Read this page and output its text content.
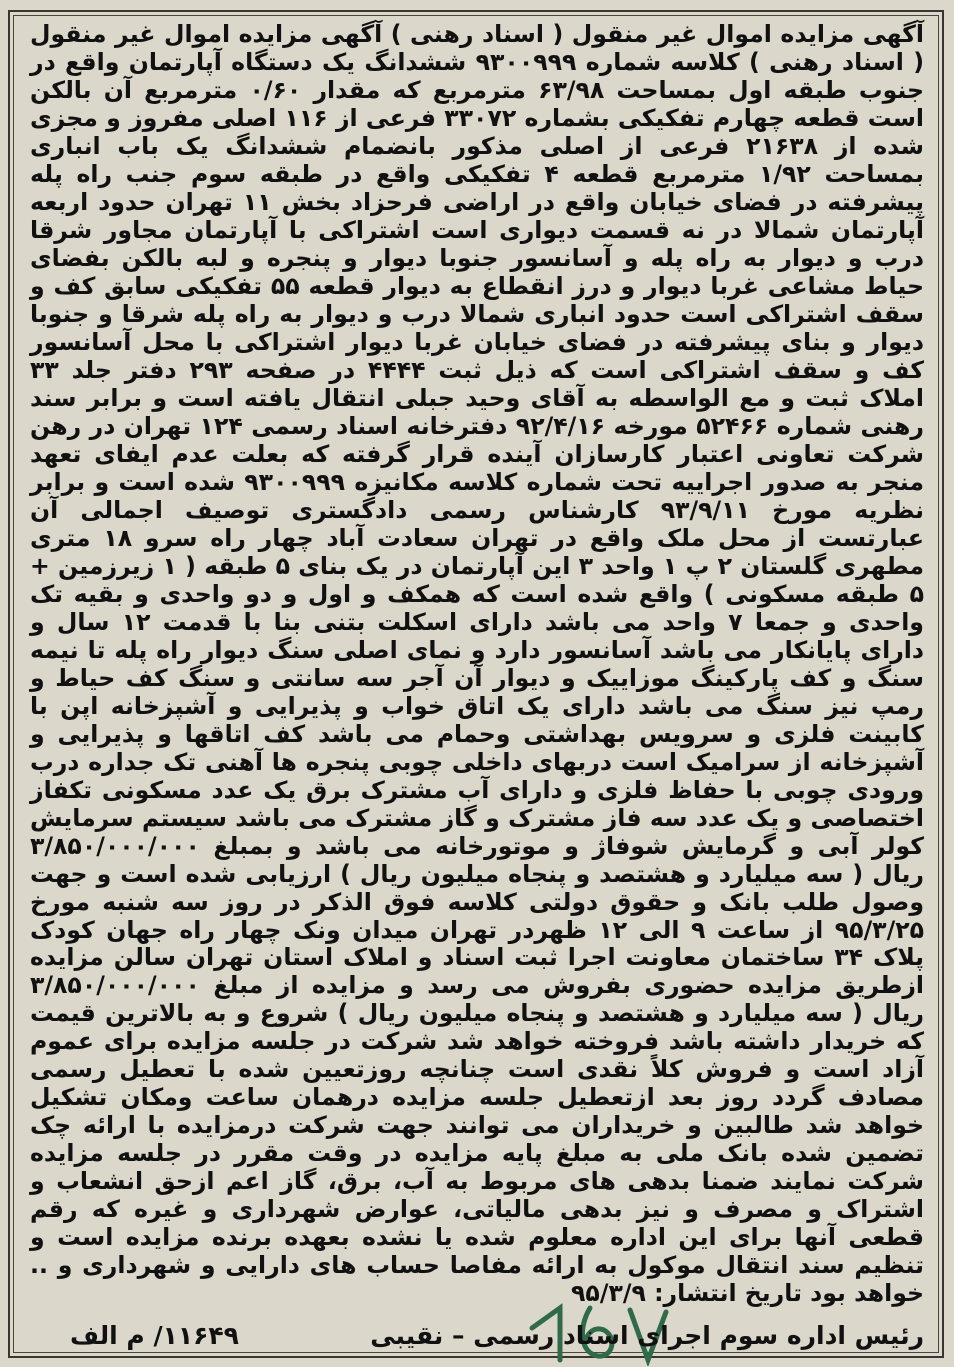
آگهی مزایده اموال غیر منقول ( اسناد رهنی ) آگهی مزایده اموال غیر منقول ( اسناد رهنی ) کلاسه شماره ۹۳۰۰۹۹۹ ششدانگ یک دستگاه آپارتمان واقع در جنوب طبقه اول بمساحت ۶۳/۹۸ مترمربع که مقدار ۰/۶۰ مترمربع آن بالکن است قطعه چهارم تفکیکی بشماره ۳۳۰۷۲ فرعی از ۱۱۶ اصلی مفروز و مجزی شده از ۲۱۶۳۸ فرعی از اصلی مذکور بانضمام ششدانگ یک باب انباری بمساحت ۱/۹۲ مترمربع قطعه ۴ تفکیکی واقع در طبقه سوم جنب راه پله پیشرفته در فضای خیابان واقع در اراضی فرحزاد بخش ۱۱ تهران حدود اربعه آپارتمان شمالا در نه قسمت دیواری است اشتراکی با آپارتمان مجاور شرقا درب و دیوار به راه پله و آسانسور جنوبا دیوار و پنجره و لبه بالکن بفضای حیاط مشاعی غربا دیوار و درز انقطاع به دیوار قطعه ۵۵ تفکیکی سابق کف و سقف اشتراکی است حدود انباری شمالا درب و دیوار به راه پله شرقا و جنوبا دیوار و بنای پیشرفته در فضای خیابان غربا دیوار اشتراکی با محل آسانسور کف و سقف اشتراکی است که ذیل ثبت ۴۴۴۴ در صفحه ۲۹۳ دفتر جلد ۳۳ املاک ثبت و مع الواسطه به آقای وحید جبلی انتقال یافته است و برابر سند رهنی شماره ۵۲۴۶۶ مورخه ۹۲/۴/۱۶ دفترخانه اسناد رسمی ۱۲۴ تهران در رهن شرکت تعاونی اعتبار کارسازان آینده قرار گرفته که بعلت عدم ایفای تعهد منجر به صدور اجراییه تحت شماره کلاسه مکانیزه ۹۳۰۰۹۹۹ شده است و برابر نظریه مورخ ۹۳/۹/۱۱ کارشناس رسمی دادگستری توصیف اجمالی آن عبارتست از محل ملک واقع در تهران سعادت آباد چهار راه سرو ۱۸ متری مطهری گلستان ۲ پ ۱ واحد ۳ این آپارتمان در یک بنای ۵ طبقه ( ۱ زیرزمین + ۵ طبقه مسکونی ) واقع شده است که همکف و اول و دو واحدی و بقیه تک واحدی و جمعا ۷ واحد می باشد دارای اسکلت بتنی بنا با قدمت ۱۲ سال و دارای پایانکار می باشد آسانسور دارد و نمای اصلی سنگ دیوار راه پله تا نیمه سنگ و کف پارکینگ موزاییک و دیوار آن آجر سه سانتی و سنگ کف حیاط و رمپ نیز سنگ می باشد دارای یک اتاق خواب و پذیرایی و آشپزخانه اپن با کابینت فلزی و سرویس بهداشتی وحمام می باشد کف اتاقها و پذیرایی و آشپزخانه از سرامیک است دربهای داخلی چوبی پنجره ها آهنی تک جداره درب ورودی چوبی با حفاظ فلزی و دارای آب مشترک برق یک عدد مسکونی تکفاز اختصاصی و یک عدد سه فاز مشترک و گاز مشترک می باشد سیستم سرمایش کولر آبی و گرمایش شوفاژ و موتورخانه می باشد و بمبلغ ۳/۸۵۰/۰۰۰/۰۰۰ ریال ( سه میلیارد و هشتصد و پنجاه میلیون ریال ) ارزیابی شده است و جهت وصول طلب بانک و حقوق دولتی کلاسه فوق الذکر در روز سه شنبه مورخ ۹۵/۳/۲۵ از ساعت ۹ الی ۱۲ ظهردر تهران میدان ونک چهار راه جهان کودک پلاک ۳۴ ساختمان معاونت اجرا ثبت اسناد و املاک استان تهران سالن مزایده ازطریق مزایده حضوری بفروش می رسد و مزایده از مبلغ ۳/۸۵۰/۰۰۰/۰۰۰ ریال ( سه میلیارد و هشتصد و پنجاه میلیون ریال ) شروع و به بالاترین قیمت که خریدار داشته باشد فروخته خواهد شد شرکت در جلسه مزایده برای عموم آزاد است و فروش کلاً نقدی است چنانچه روزتعیین شده با تعطیل رسمی مصادف گردد روز بعد ازتعطیل جلسه مزایده درهمان ساعت ومکان تشکیل خواهد شد طالبین و خریداران می توانند جهت شرکت درمزایده با ارائه چک تضمین شده بانک ملی به مبلغ پایه مزایده در وقت مقرر در جلسه مزایده شرکت نمایند ضمنا بدهی های مربوط به آب، برق، گاز اعم ازحق انشعاب و اشتراک و مصرف و نیز بدهی مالیاتی، عوارض شهرداری و غیره که رقم قطعی آنها برای این اداره معلوم شده یا نشده بعهده برنده مزایده است و تنظیم سند انتقال موکول به ارائه مفاصا حساب های دارایی و شهرداری و .. خواهد بود تاریخ انتشار: ۹۵/۳/۹

رئیس اداره سوم اجرای اسناد رسمی – نقیبی
۱۱۶۴۹/ م الف
